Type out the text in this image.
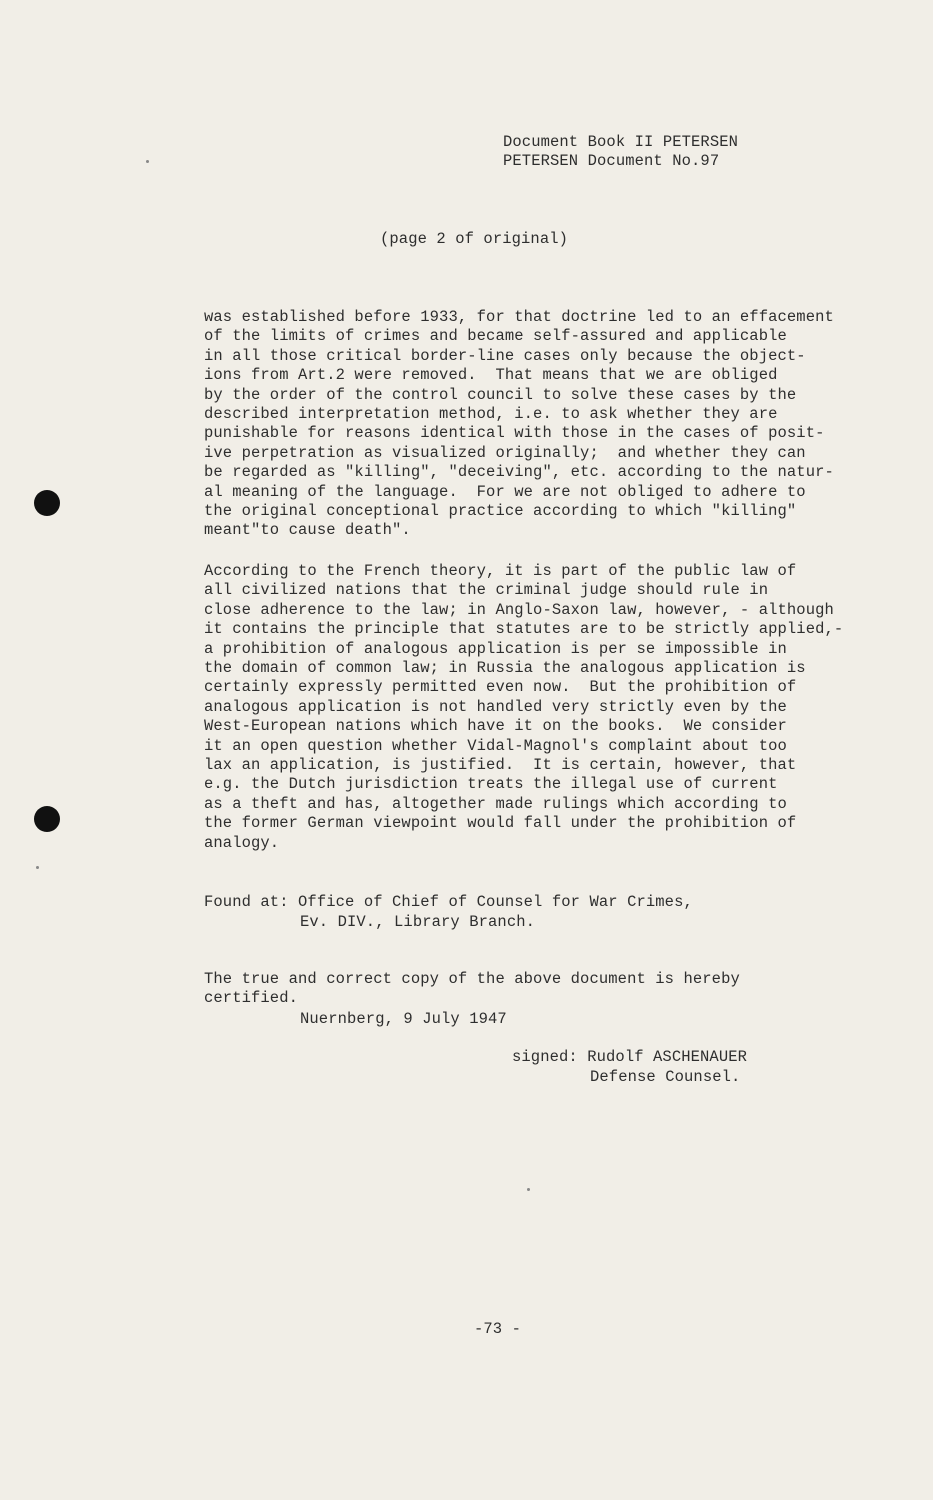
Document Book II PETERSEN
PETERSEN Document No.97
(page 2 of original)
was established before 1933, for that doctrine led to an effacement
of the limits of crimes and became self-assured and applicable
in all those critical border-line cases only because the object-
ions from Art.2 were removed.  That means that we are obliged
by the order of the control council to solve these cases by the
described interpretation method, i.e. to ask whether they are
punishable for reasons identical with those in the cases of posit-
ive perpetration as visualized originally;  and whether they can
be regarded as "killing", "deceiving", etc. according to the natur-
al meaning of the language.  For we are not obliged to adhere to
the original conceptional practice according to which "killing"
meant"to cause death".
According to the French theory, it is part of the public law of
all civilized nations that the criminal judge should rule in
close adherence to the law; in Anglo-Saxon law, however, - although
it contains the principle that statutes are to be strictly applied,-
a prohibition of analogous application is per se impossible in
the domain of common law; in Russia the analogous application is
certainly expressly permitted even now.  But the prohibition of
analogous application is not handled very strictly even by the
West-European nations which have it on the books.  We consider
it an open question whether Vidal-Magnol's complaint about too
lax an application, is justified.  It is certain, however, that
e.g. the Dutch jurisdiction treats the illegal use of current
as a theft and has, altogether made rulings which according to
the former German viewpoint would fall under the prohibition of
analogy.
Found at: Office of Chief of Counsel for War Crimes,
Ev. DIV., Library Branch.
The true and correct copy of the above document is hereby
certified.
Nuernberg, 9 July 1947
signed: Rudolf ASCHENAUER
Defense Counsel.
-73 -
